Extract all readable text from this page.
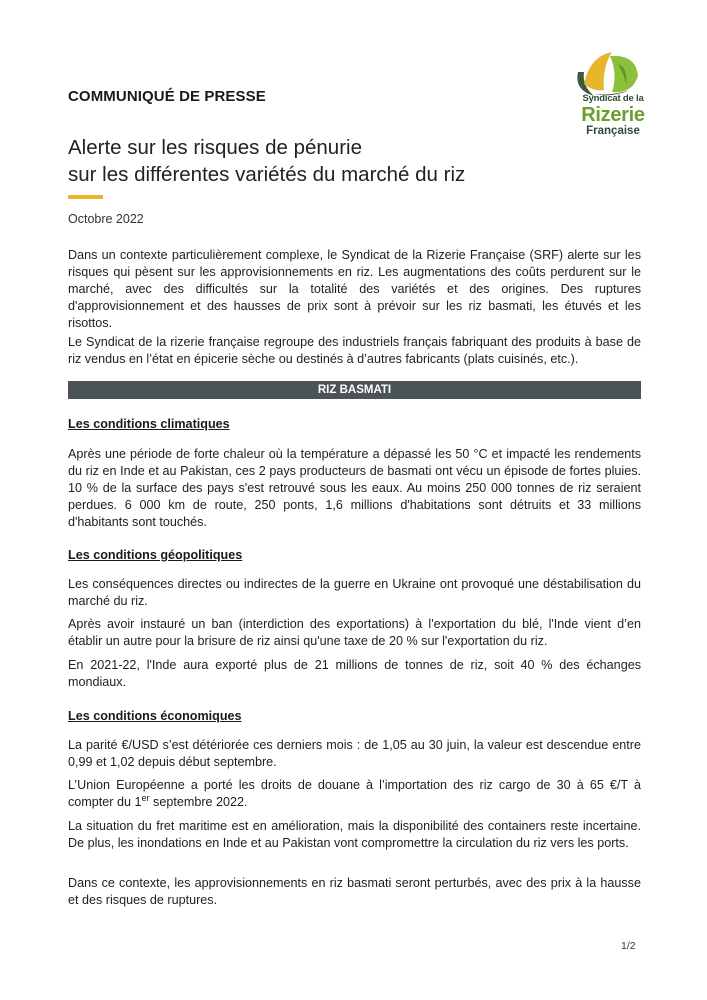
Syndicat de la
Rizerie
Française
COMMUNIQUÉ DE PRESSE
Alerte sur les risques de pénurie
sur les différentes variétés du marché du riz
Octobre 2022

Dans un contexte particulièrement complexe, le Syndicat de la Rizerie Française (SRF) alerte sur les risques qui pèsent sur les approvisionnements en riz. Les augmentations des coûts perdurent sur le marché, avec des difficultés sur la totalité des variétés et des origines. Des ruptures d'approvisionnement et des hausses de prix sont à prévoir sur les riz basmati, les étuvés et les risottos.

Le Syndicat de la rizerie française regroupe des industriels français fabriquant des produits à base de riz vendus en l’état en épicerie sèche ou destinés à d’autres fabricants (plats cuisinés, etc.).

RIZ BASMATI
Les conditions climatiques

Après une période de forte chaleur où la température a dépassé les 50 °C et impacté les rendements du riz en Inde et au Pakistan, ces 2 pays producteurs de basmati ont vécu un épisode de fortes pluies. 10 % de la surface des pays s'est retrouvé sous les eaux. Au moins 250 000 tonnes de riz seraient perdues. 6 000 km de route, 250 ponts, 1,6 millions d'habitations sont détruits et 33 millions d'habitants sont touchés.

Les conditions géopolitiques

Les conséquences directes ou indirectes de la guerre en Ukraine ont provoqué une déstabilisation du marché du riz.

Après avoir instauré un ban (interdiction des exportations) à l'exportation du blé, l'Inde vient d’en établir un autre pour la brisure de riz ainsi qu'une taxe de 20 % sur l'exportation du riz.

En 2021-22, l'Inde aura exporté plus de 21 millions de tonnes de riz, soit 40 % des échanges mondiaux.

Les conditions économiques

La parité €/USD s’est détériorée ces derniers mois : de 1,05 au 30 juin, la valeur est descendue entre 0,99 et 1,02 depuis début septembre.

L’Union Européenne a porté les droits de douane à l’importation des riz cargo de 30 à 65 €/T à compter du 1er septembre 2022.

La situation du fret maritime est en amélioration, mais la disponibilité des containers reste incertaine. De plus, les inondations en Inde et au Pakistan vont compromettre la circulation du riz vers les ports.

Dans ce contexte, les approvisionnements en riz basmati seront perturbés, avec des prix à la hausse et des risques de ruptures.

1/2
